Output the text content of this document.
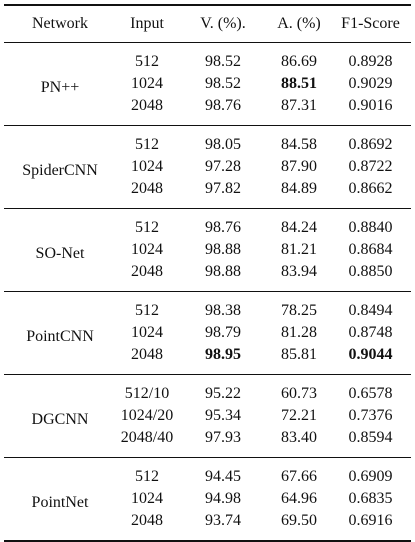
Network	Input	V. (%).	A. (%)	F1-Score
PN++	512	98.52	86.69	0.8928
	1024	98.52	88.51	0.9029
	2048	98.76	87.31	0.9016
SpiderCNN	512	98.05	84.58	0.8692
	1024	97.28	87.90	0.8722
	2048	97.82	84.89	0.8662
SO-Net	512	98.76	84.24	0.8840
	1024	98.88	81.21	0.8684
	2048	98.88	83.94	0.8850
PointCNN	512	98.38	78.25	0.8494
	1024	98.79	81.28	0.8748
	2048	98.95	85.81	0.9044
DGCNN	512/10	95.22	60.73	0.6578
	1024/20	95.34	72.21	0.7376
	2048/40	97.93	83.40	0.8594
PointNet	512	94.45	67.66	0.6909
	1024	94.98	64.96	0.6835
	2048	93.74	69.50	0.6916
